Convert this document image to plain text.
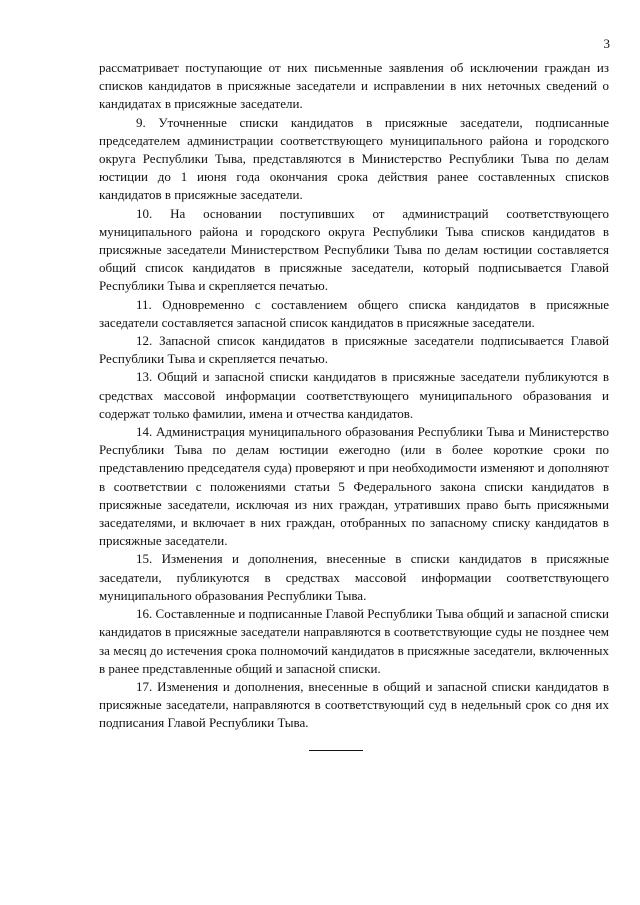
3

рассматривает поступающие от них письменные заявления об исключении граждан из списков кандидатов в присяжные заседатели и исправлении в них неточных сведений о кандидатах в присяжные заседатели.

9. Уточненные списки кандидатов в присяжные заседатели, подписанные председателем администрации соответствующего муниципального района и городского округа Республики Тыва, представляются в Министерство Республики Тыва по делам юстиции до 1 июня года окончания срока действия ранее составленных списков кандидатов в присяжные заседатели.

10. На основании поступивших от администраций соответствующего муниципального района и городского округа Республики Тыва списков кандидатов в присяжные заседатели Министерством Республики Тыва по делам юстиции составляется общий список кандидатов в присяжные заседатели, который подписывается Главой Республики Тыва и скрепляется печатью.

11. Одновременно с составлением общего списка кандидатов в присяжные заседатели составляется запасной список кандидатов в присяжные заседатели.

12. Запасной список кандидатов в присяжные заседатели подписывается Главой Республики Тыва и скрепляется печатью.

13. Общий и запасной списки кандидатов в присяжные заседатели публикуются в средствах массовой информации соответствующего муниципального образования и содержат только фамилии, имена и отчества кандидатов.

14. Администрация муниципального образования Республики Тыва и Министерство Республики Тыва по делам юстиции ежегодно (или в более короткие сроки по представлению председателя суда) проверяют и при необходимости изменяют и дополняют в соответствии с положениями статьи 5 Федерального закона списки кандидатов в присяжные заседатели, исключая из них граждан, утративших право быть присяжными заседателями, и включает в них граждан, отобранных по запасному списку кандидатов в присяжные заседатели.

15. Изменения и дополнения, внесенные в списки кандидатов в присяжные заседатели, публикуются в средствах массовой информации соответствующего муниципального образования Республики Тыва.

16. Составленные и подписанные Главой Республики Тыва общий и запасной списки кандидатов в присяжные заседатели направляются в соответствующие суды не позднее чем за месяц до истечения срока полномочий кандидатов в присяжные заседатели, включенных в ранее представленные общий и запасной списки.

17. Изменения и дополнения, внесенные в общий и запасной списки кандидатов в присяжные заседатели, направляются в соответствующий суд в недельный срок со дня их подписания Главой Республики Тыва.
